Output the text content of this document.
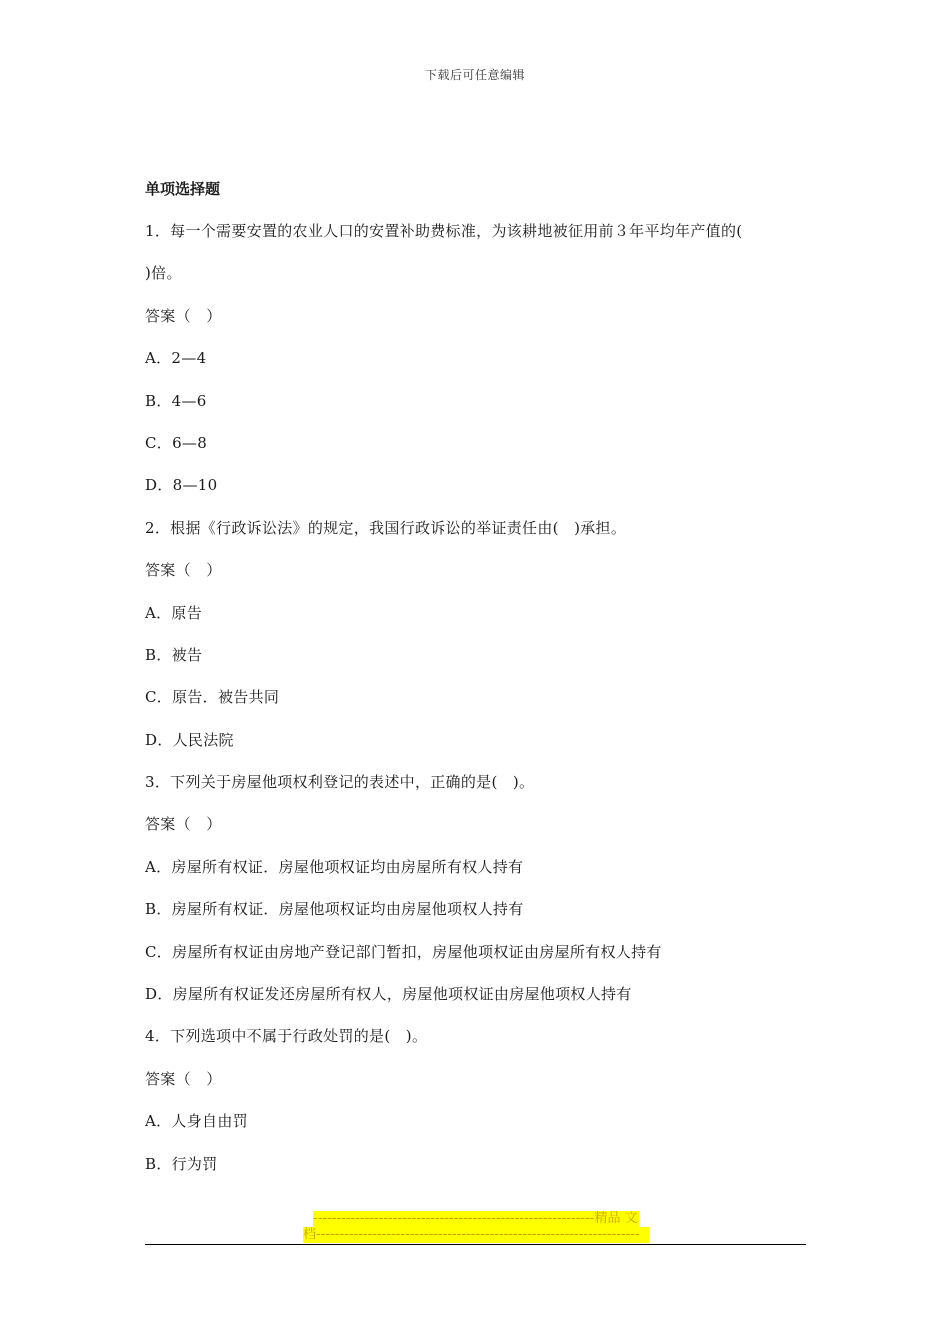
下载后可任意编辑
单项选择题
1．每一个需要安置的农业人口的安置补助费标准，为该耕地被征用前３年平均年产值的(
)倍。
答案（　）
A．2—4
B．4—6
C．6—8
D．8—10
2．根据《行政诉讼法》的规定，我国行政诉讼的举证责任由(　)承担。
答案（　）
A．原告
B．被告
C．原告．被告共同
D．人民法院
3．下列关于房屋他项权利登记的表述中，正确的是(　)。
答案（　）
A．房屋所有权证．房屋他项权证均由房屋所有权人持有
B．房屋所有权证．房屋他项权证均由房屋他项权人持有
C．房屋所有权证由房地产登记部门暂扣，房屋他项权证由房屋所有权人持有
D．房屋所有权证发还房屋所有权人，房屋他项权证由房屋他项权人持有
4．下列选项中不属于行政处罚的是(　)。
答案（　）
A．人身自由罚
B．行为罚
------------------------------------------------------------精品 文
档---------------------------------------------------------------------
